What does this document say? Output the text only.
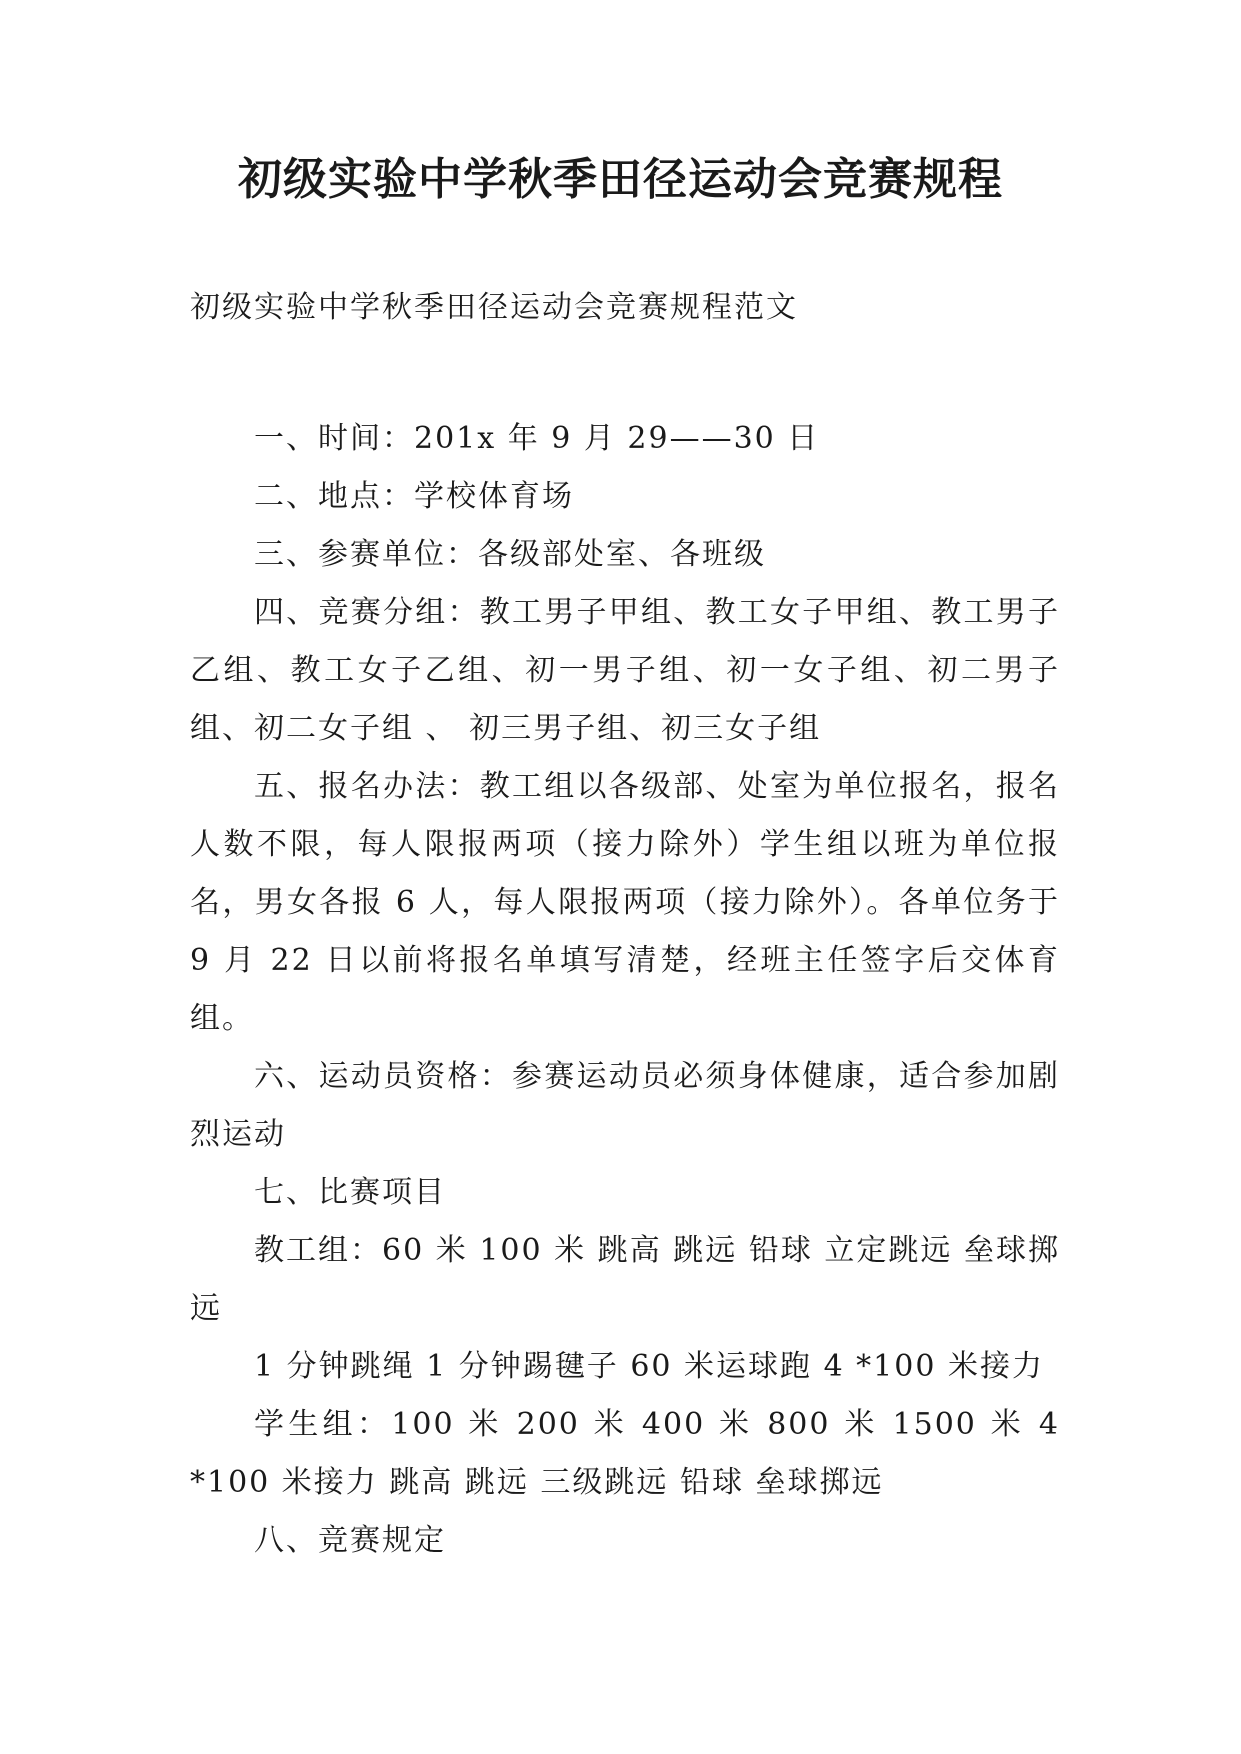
初级实验中学秋季田径运动会竞赛规程

初级实验中学秋季田径运动会竞赛规程范文

一、时间：201x 年 9 月 29——30 日

二、地点：学校体育场

三、参赛单位：各级部处室、各班级

四、竞赛分组：教工男子甲组、教工女子甲组、教工男子乙组、教工女子乙组、初一男子组、初一女子组、初二男子组、初二女子组 、 初三男子组、初三女子组

五、报名办法：教工组以各级部、处室为单位报名，报名人数不限，每人限报两项（接力除外）学生组以班为单位报名，男女各报 6 人，每人限报两项（接力除外）。各单位务于 9 月 22 日以前将报名单填写清楚，经班主任签字后交体育组。

六、运动员资格：参赛运动员必须身体健康，适合参加剧烈运动

七、比赛项目

教工组：60 米 100 米 跳高 跳远 铅球 立定跳远 垒球掷远

1 分钟跳绳 1 分钟踢毽子 60 米运球跑 4 *100 米接力

学生组：100 米 200 米 400 米 800 米 1500 米 4 *100 米接力 跳高 跳远 三级跳远 铅球 垒球掷远

八、竞赛规定
